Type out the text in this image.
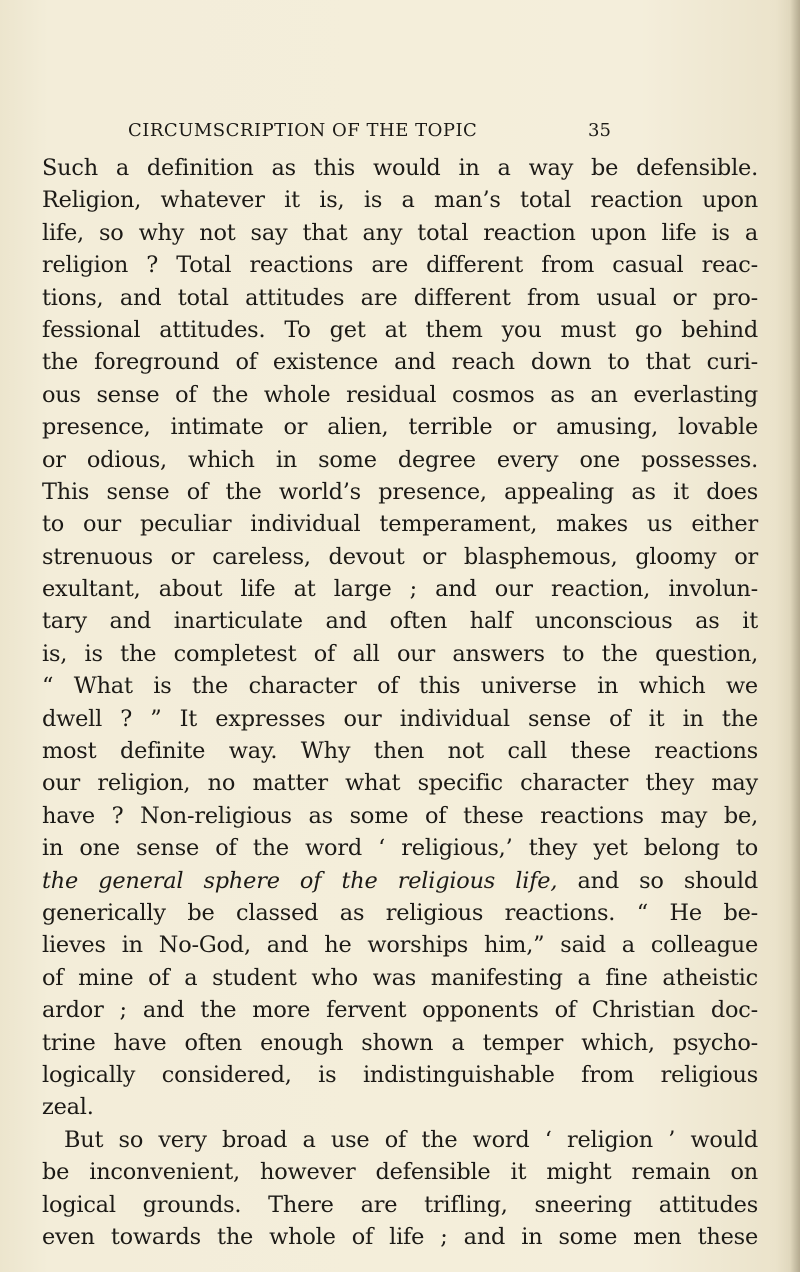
CIRCUMSCRIPTION OF THE TOPIC	35
Such a definition as this would in a way be defensible.
Religion, whatever it is, is a man’s total reaction upon
life, so why not say that any total reaction upon life is a
religion ? Total reactions are different from casual reac-
tions, and total attitudes are different from usual or pro-
fessional attitudes. To get at them you must go behind
the foreground of existence and reach down to that curi-
ous sense of the whole residual cosmos as an everlasting
presence, intimate or alien, terrible or amusing, lovable
or odious, which in some degree every one possesses.
This sense of the world’s presence, appealing as it does
to our peculiar individual temperament, makes us either
strenuous or careless, devout or blasphemous, gloomy or
exultant, about life at large ; and our reaction, involun-
tary and inarticulate and often half unconscious as it
is, is the completest of all our answers to the question,
“ What is the character of this universe in which we
dwell ? ” It expresses our individual sense of it in the
most definite way. Why then not call these reactions
our religion, no matter what specific character they may
have ? Non-religious as some of these reactions may be,
in one sense of the word ‘ religious,’ they yet belong to
the general sphere of the religious life, and so should
generically be classed as religious reactions. “ He be-
lieves in No-God, and he worships him,” said a colleague
of mine of a student who was manifesting a fine atheistic
ardor ; and the more fervent opponents of Christian doc-
trine have often enough shown a temper which, psycho-
logically considered, is indistinguishable from religious
zeal.
But so very broad a use of the word ‘ religion ’ would
be inconvenient, however defensible it might remain on
logical grounds. There are trifling, sneering attitudes
even towards the whole of life ; and in some men these
